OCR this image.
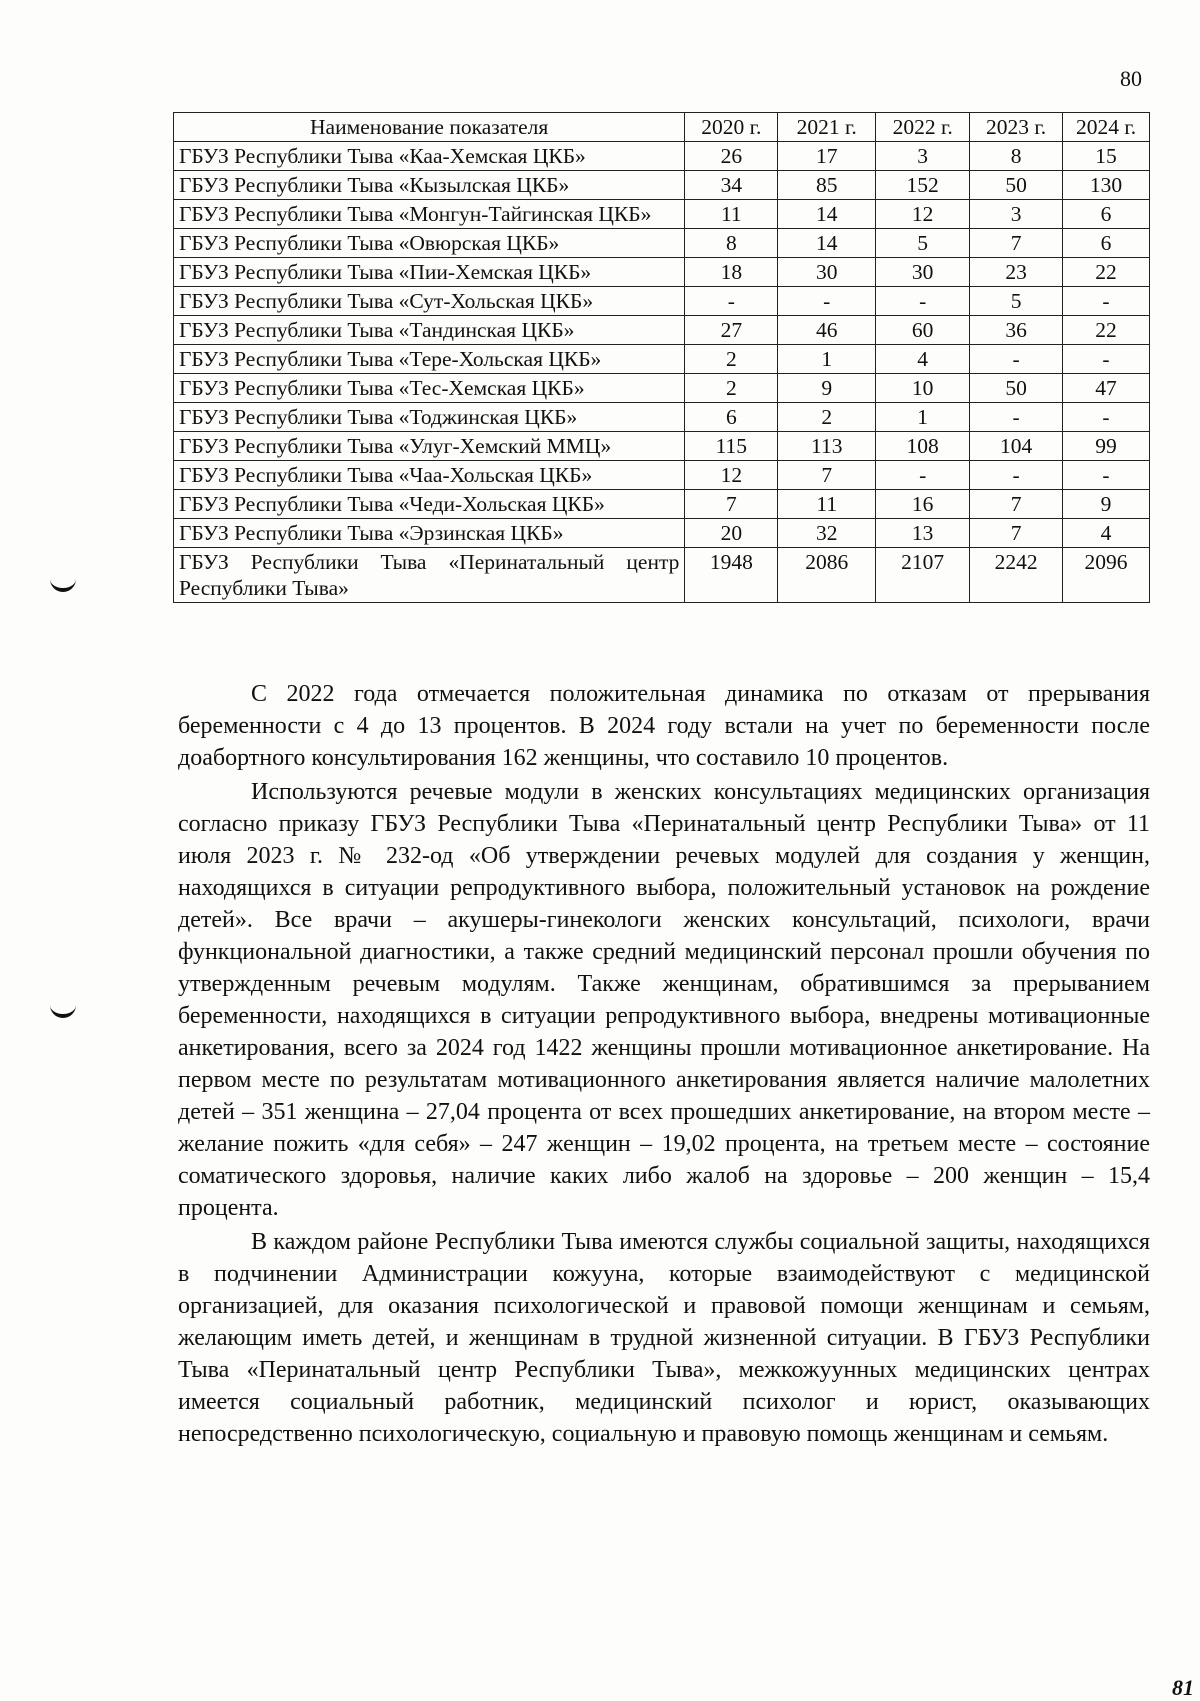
80
Наименование показателя	2020 г.	2021 г.	2022 г.	2023 г.	2024 г.
ГБУЗ Республики Тыва «Каа-Хемская ЦКБ»	26	17	3	8	15
ГБУЗ Республики Тыва «Кызылская ЦКБ»	34	85	152	50	130
ГБУЗ Республики Тыва «Монгун-Тайгинская ЦКБ»	11	14	12	3	6
ГБУЗ Республики Тыва «Овюрская ЦКБ»	8	14	5	7	6
ГБУЗ Республики Тыва «Пии-Хемская ЦКБ»	18	30	30	23	22
ГБУЗ Республики Тыва «Сут-Хольская ЦКБ»	-	-	-	5	-
ГБУЗ Республики Тыва «Тандинская ЦКБ»	27	46	60	36	22
ГБУЗ Республики Тыва «Тере-Хольская ЦКБ»	2	1	4	-	-
ГБУЗ Республики Тыва «Тес-Хемская ЦКБ»	2	9	10	50	47
ГБУЗ Республики Тыва «Тоджинская ЦКБ»	6	2	1	-	-
ГБУЗ Республики Тыва «Улуг-Хемский ММЦ»	115	113	108	104	99
ГБУЗ Республики Тыва «Чаа-Хольская ЦКБ»	12	7	-	-	-
ГБУЗ Республики Тыва «Чеди-Хольская ЦКБ»	7	11	16	7	9
ГБУЗ Республики Тыва «Эрзинская ЦКБ»	20	32	13	7	4
ГБУЗ Республики Тыва «Перинатальный центр Республики Тыва»	1948	2086	2107	2242	2096

С 2022 года отмечается положительная динамика по отказам от прерывания беременности с 4 до 13 процентов. В 2024 году встали на учет по беременности после доабортного консультирования 162 женщины, что составило 10 процентов.

Используются речевые модули в женских консультациях медицинских организация согласно приказу ГБУЗ Республики Тыва «Перинатальный центр Республики Тыва» от 11 июля 2023 г. № 232-од «Об утверждении речевых модулей для создания у женщин, находящихся в ситуации репродуктивного выбора, положительный установок на рождение детей». Все врачи – акушеры-гинекологи женских консультаций, психологи, врачи функциональной диагностики, а также средний медицинский персонал прошли обучения по утвержденным речевым модулям. Также женщинам, обратившимся за прерыванием беременности, находящихся в ситуации репродуктивного выбора, внедрены мотивационные анкетирования, всего за 2024 год 1422 женщины прошли мотивационное анкетирование. На первом месте по результатам мотивационного анкетирования является наличие малолетних детей – 351 женщина – 27,04 процента от всех прошедших анкетирование, на втором месте – желание пожить «для себя» – 247 женщин – 19,02 процента, на третьем месте – состояние соматического здоровья, наличие каких либо жалоб на здоровье – 200 женщин – 15,4 процента.

В каждом районе Республики Тыва имеются службы социальной защиты, находящихся в подчинении Администрации кожууна, которые взаимодействуют с медицинской организацией, для оказания психологической и правовой помощи женщинам и семьям, желающим иметь детей, и женщинам в трудной жизненной ситуации. В ГБУЗ Республики Тыва «Перинатальный центр Республики Тыва», межкожуунных медицинских центрах имеется социальный работник, медицинский психолог и юрист, оказывающих непосредственно психологическую, социальную и правовую помощь женщинам и семьям.

81
